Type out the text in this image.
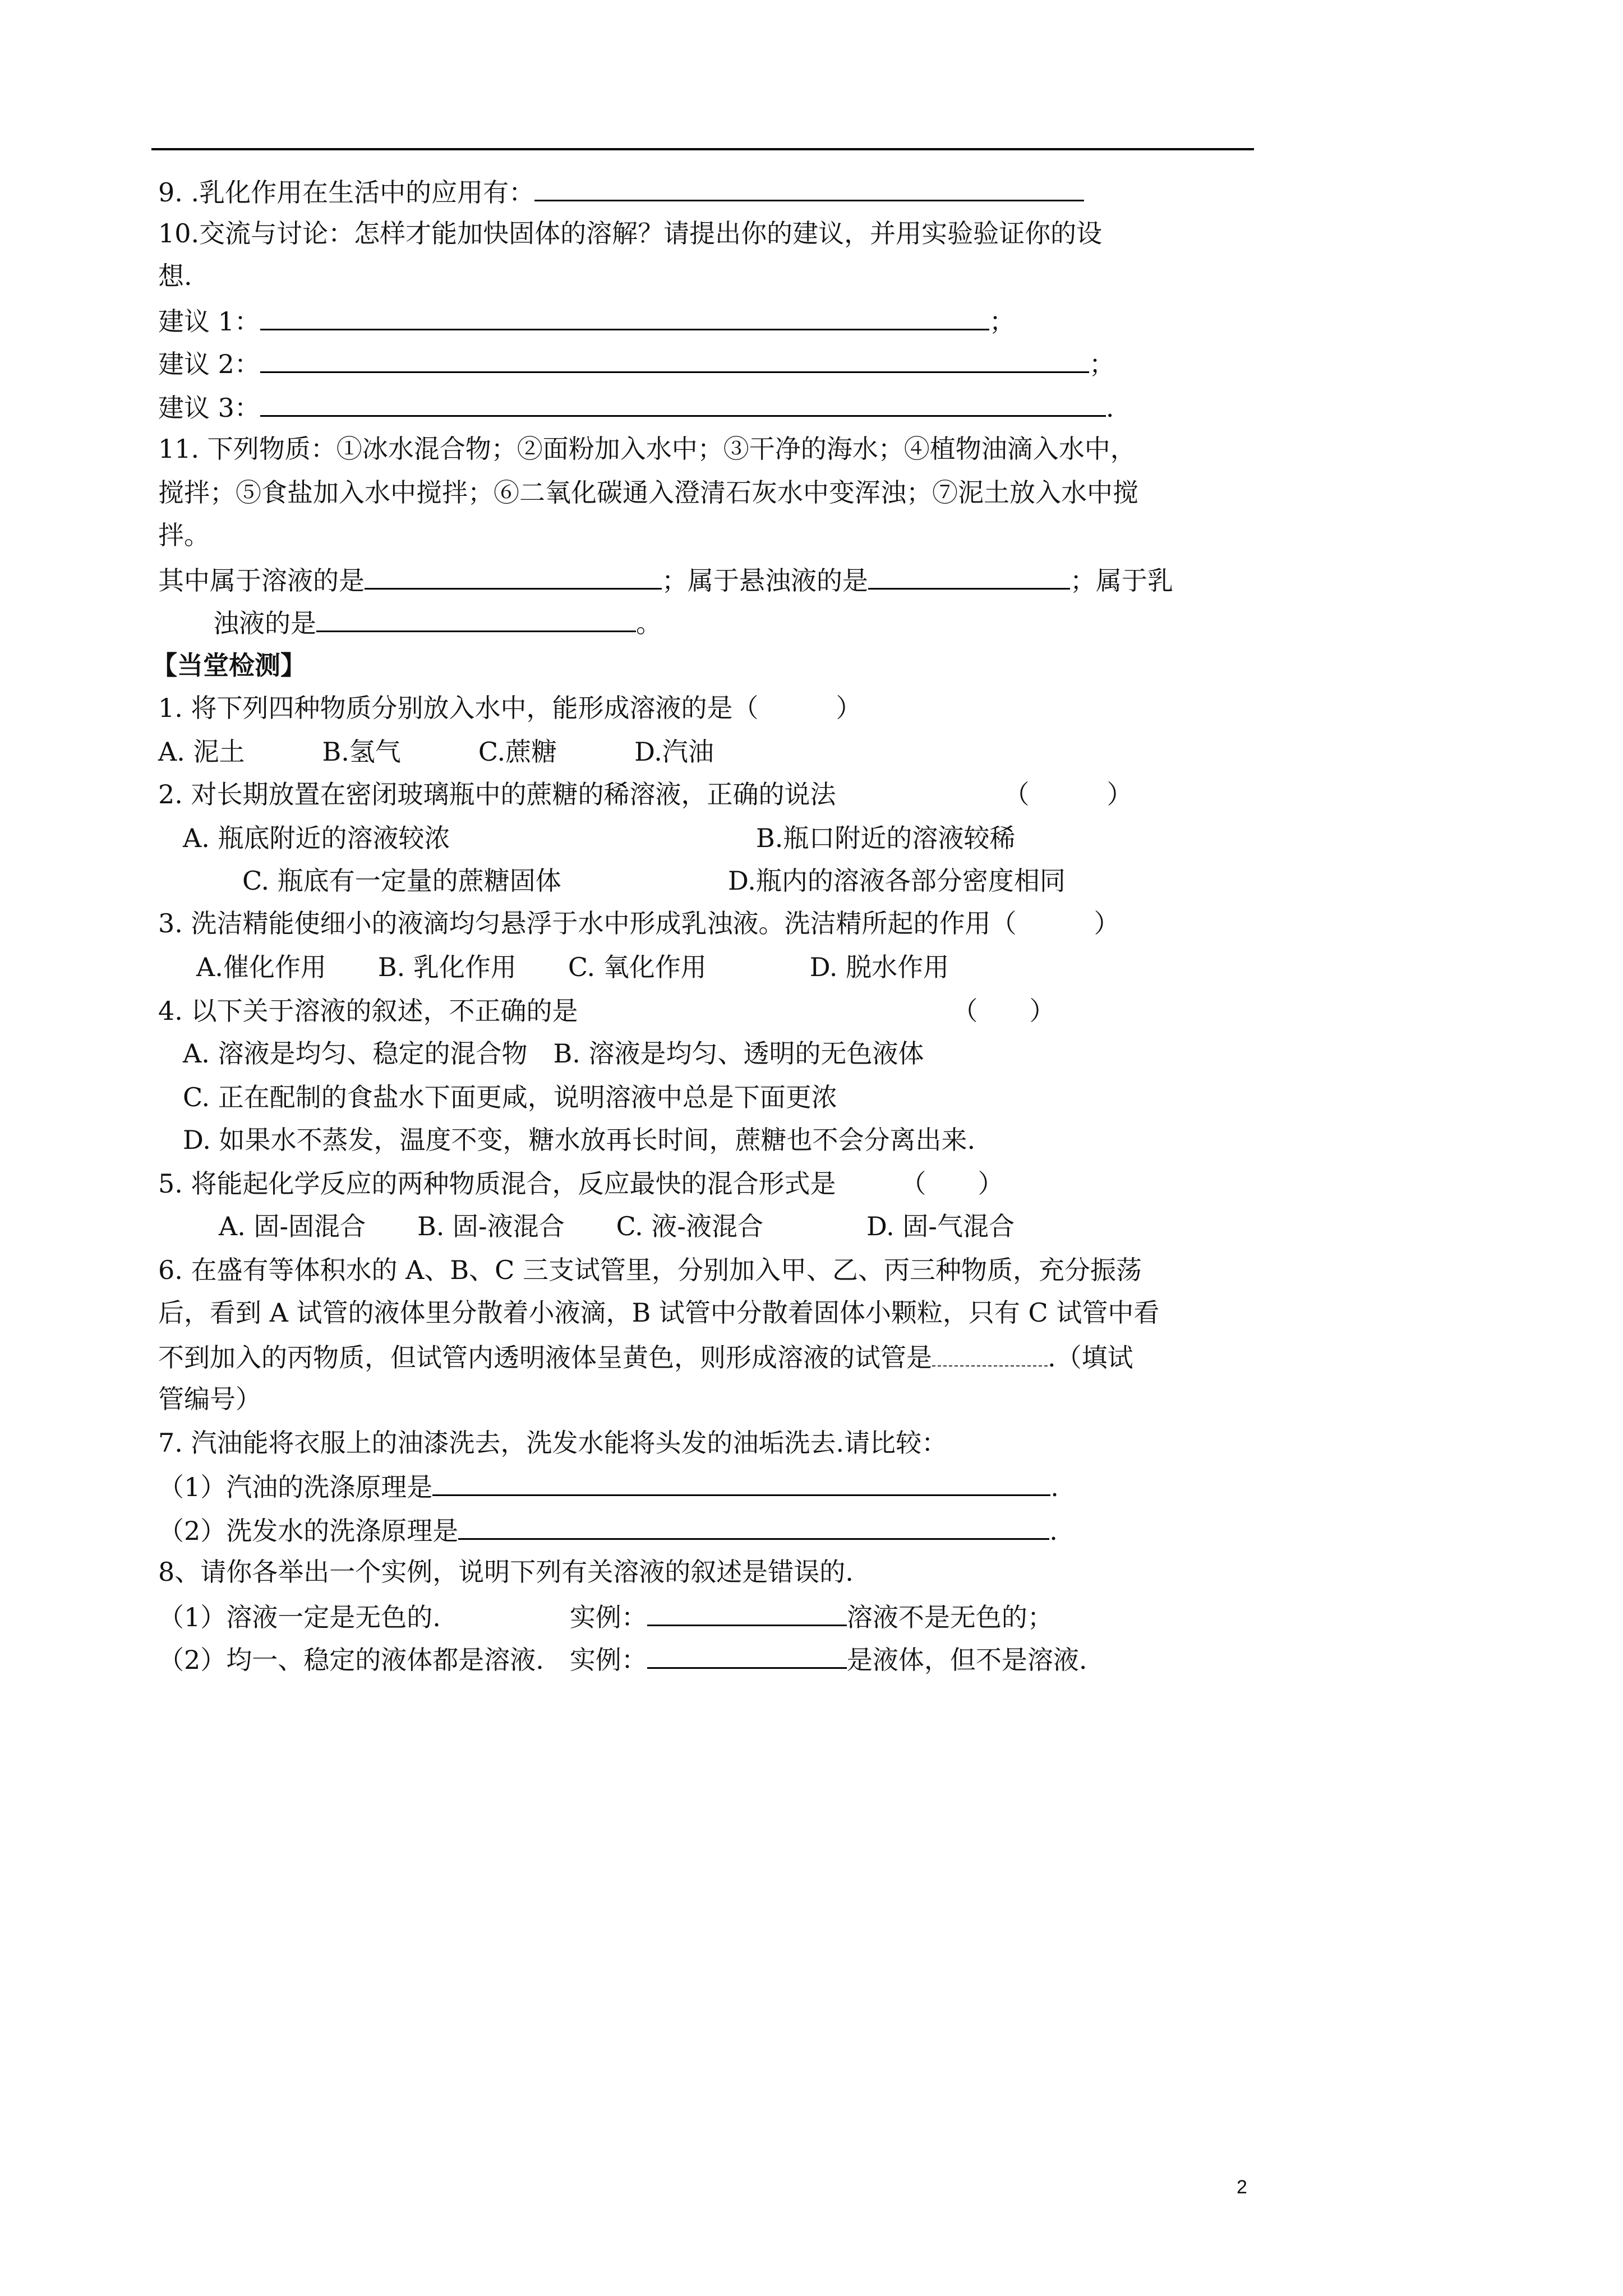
9. .乳化作用在生活中的应用有：
10.交流与讨论：怎样才能加快固体的溶解？请提出你的建议，并用实验验证你的设
想.
建议 1：	；
建议 2：	；
建议 3：	.
11. 下列物质：①冰水混合物；②面粉加入水中；③干净的海水；④植物油滴入水中，
搅拌；⑤食盐加入水中搅拌；⑥二氧化碳通入澄清石灰水中变浑浊；⑦泥土放入水中搅
拌。
其中属于溶液的是	；属于悬浊液的是	；属于乳
浊液的是	。
【当堂检测】
1. 将下列四种物质分别放入水中，能形成溶液的是（　　　）
A. 泥土　　　B.氢气　　　C.蔗糖　　　D.汽油
2. 对长期放置在密闭玻璃瓶中的蔗糖的稀溶液，正确的说法　　　　　　　（　　　）
A. 瓶底附近的溶液较浓	B.瓶口附近的溶液较稀
C. 瓶底有一定量的蔗糖固体	D.瓶内的溶液各部分密度相同
3. 洗洁精能使细小的液滴均匀悬浮于水中形成乳浊液。洗洁精所起的作用（　　　）
A.催化作用　　B. 乳化作用　　C. 氧化作用　　　　D. 脱水作用
4. 以下关于溶液的叙述，不正确的是　　　　　　　　　　　　　　　（　　）
A. 溶液是均匀、稳定的混合物　B. 溶液是均匀、透明的无色液体
C. 正在配制的食盐水下面更咸，说明溶液中总是下面更浓
D. 如果水不蒸发，温度不变，糖水放再长时间，蔗糖也不会分离出来.
5. 将能起化学反应的两种物质混合，反应最快的混合形式是　　　（　　）
A. 固-固混合　　B. 固-液混合　　C. 液-液混合　　　　D. 固-气混合
6. 在盛有等体积水的 A、B、C 三支试管里，分别加入甲、乙、丙三种物质，充分振荡
后，看到 A 试管的液体里分散着小液滴，B 试管中分散着固体小颗粒，只有 C 试管中看
不到加入的丙物质，但试管内透明液体呈黄色，则形成溶液的试管是	.（填试
管编号）
7. 汽油能将衣服上的油漆洗去，洗发水能将头发的油垢洗去.请比较：
（1）汽油的洗涤原理是	.
（2）洗发水的洗涤原理是	.
8、请你各举出一个实例，说明下列有关溶液的叙述是错误的.
（1）溶液一定是无色的.　　　　　实例：	溶液不是无色的；
（2）均一、稳定的液体都是溶液.　实例：	是液体，但不是溶液.
2
